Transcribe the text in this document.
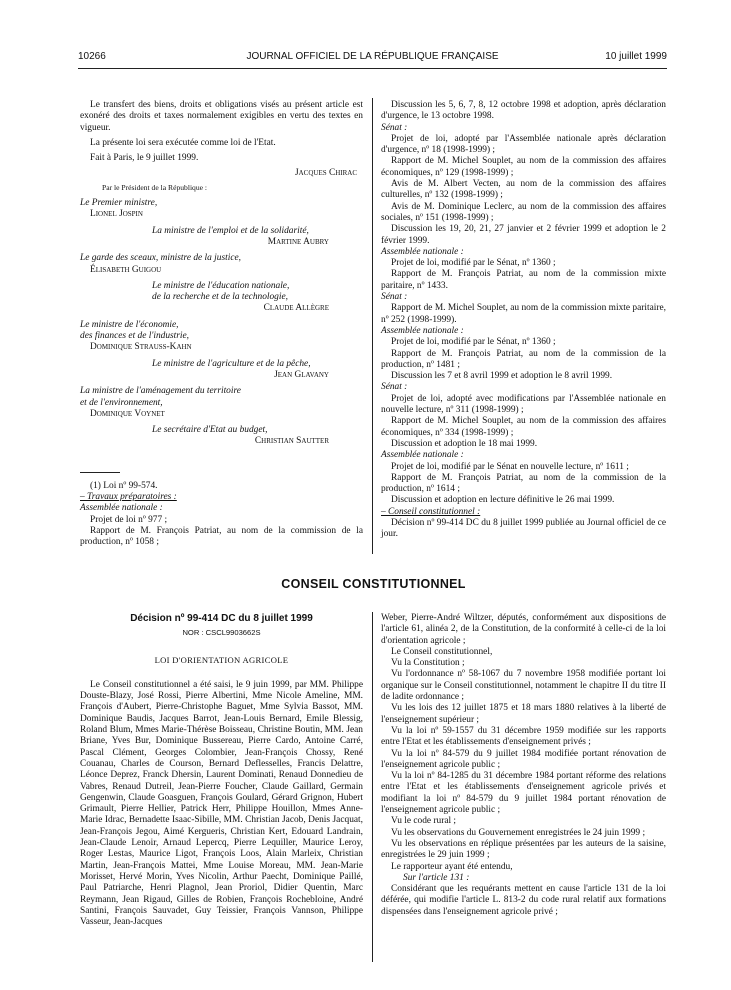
10266	JOURNAL OFFICIEL DE LA RÉPUBLIQUE FRANÇAISE	10 juillet 1999

Le transfert des biens, droits et obligations visés au présent article est exonéré des droits et taxes normalement exigibles en vertu des textes en vigueur.

La présente loi sera exécutée comme loi de l'Etat.

Fait à Paris, le 9 juillet 1999.

Jacques Chirac

Par le Président de la République :

Le Premier ministre,

Lionel Jospin

La ministre de l'emploi et de la solidarité,

Martine Aubry

Le garde des sceaux, ministre de la justice,

Élisabeth Guigou

Le ministre de l'éducation nationale,

de la recherche et de la technologie,

Claude Allègre

Le ministre de l'économie,

des finances et de l'industrie,

Dominique Strauss-Kahn

Le ministre de l'agriculture et de la pêche,

Jean Glavany

La ministre de l'aménagement du territoire

et de l'environnement,

Dominique Voynet

Le secrétaire d'Etat au budget,

Christian Sautter

(1) Loi nº 99-574.

– Travaux préparatoires :

Assemblée nationale :

Projet de loi nº 977 ;

Rapport de M. François Patriat, au nom de la commission de la production, nº 1058 ;

Discussion les 5, 6, 7, 8, 12 octobre 1998 et adoption, après déclaration d'urgence, le 13 octobre 1998.

Sénat :

Projet de loi, adopté par l'Assemblée nationale après déclaration d'urgence, nº 18 (1998-1999) ;

Rapport de M. Michel Souplet, au nom de la commission des affaires économiques, nº 129 (1998-1999) ;

Avis de M. Albert Vecten, au nom de la commission des affaires culturelles, nº 132 (1998-1999) ;

Avis de M. Dominique Leclerc, au nom de la commission des affaires sociales, nº 151 (1998-1999) ;

Discussion les 19, 20, 21, 27 janvier et 2 février 1999 et adoption le 2 février 1999.

Assemblée nationale :

Projet de loi, modifié par le Sénat, nº 1360 ;

Rapport de M. François Patriat, au nom de la commission mixte paritaire, nº 1433.

Sénat :

Rapport de M. Michel Souplet, au nom de la commission mixte paritaire, nº 252 (1998-1999).

Assemblée nationale :

Projet de loi, modifié par le Sénat, nº 1360 ;

Rapport de M. François Patriat, au nom de la commission de la production, nº 1481 ;

Discussion les 7 et 8 avril 1999 et adoption le 8 avril 1999.

Sénat :

Projet de loi, adopté avec modifications par l'Assemblée nationale en nouvelle lecture, nº 311 (1998-1999) ;

Rapport de M. Michel Souplet, au nom de la commission des affaires économiques, nº 334 (1998-1999) ;

Discussion et adoption le 18 mai 1999.

Assemblée nationale :

Projet de loi, modifié par le Sénat en nouvelle lecture, nº 1611 ;

Rapport de M. François Patriat, au nom de la commission de la production, nº 1614 ;

Discussion et adoption en lecture définitive le 26 mai 1999.

– Conseil constitutionnel :

Décision nº 99-414 DC du 8 juillet 1999 publiée au Journal officiel de ce jour.

CONSEIL CONSTITUTIONNEL
Décision nº 99-414 DC du 8 juillet 1999
NOR : CSCL9903662S
LOI D'ORIENTATION AGRICOLE

Le Conseil constitutionnel a été saisi, le 9 juin 1999, par MM. Philippe Douste-Blazy, José Rossi, Pierre Albertini, Mme Nicole Ameline, MM. François d'Aubert, Pierre-Christophe Baguet, Mme Sylvia Bassot, MM. Dominique Baudis, Jacques Barrot, Jean-Louis Bernard, Emile Blessig, Roland Blum, Mmes Marie-Thérèse Boisseau, Christine Boutin, MM. Jean Briane, Yves Bur, Dominique Bussereau, Pierre Cardo, Antoine Carré, Pascal Clément, Georges Colombier, Jean-François Chossy, René Couanau, Charles de Courson, Bernard Deflesselles, Francis Delattre, Léonce Deprez, Franck Dhersin, Laurent Dominati, Renaud Donnedieu de Vabres, Renaud Dutreil, Jean-Pierre Foucher, Claude Gaillard, Germain Gengenwin, Claude Goasguen, François Goulard, Gérard Grignon, Hubert Grimault, Pierre Hellier, Patrick Herr, Philippe Houillon, Mmes Anne-Marie Idrac, Bernadette Isaac-Sibille, MM. Christian Jacob, Denis Jacquat, Jean-François Jegou, Aimé Kergueris, Christian Kert, Edouard Landrain, Jean-Claude Lenoir, Arnaud Lepercq, Pierre Lequiller, Maurice Leroy, Roger Lestas, Maurice Ligot, François Loos, Alain Marleix, Christian Martin, Jean-François Mattei, Mme Louise Moreau, MM. Jean-Marie Morisset, Hervé Morin, Yves Nicolin, Arthur Paecht, Dominique Paillé, Paul Patriarche, Henri Plagnol, Jean Proriol, Didier Quentin, Marc Reymann, Jean Rigaud, Gilles de Robien, François Rochebloine, André Santini, François Sauvadet, Guy Teissier, François Vannson, Philippe Vasseur, Jean-Jacques

Weber, Pierre-André Wiltzer, députés, conformément aux dispositions de l'article 61, alinéa 2, de la Constitution, de la conformité à celle-ci de la loi d'orientation agricole ;

Le Conseil constitutionnel,

Vu la Constitution ;

Vu l'ordonnance nº 58-1067 du 7 novembre 1958 modifiée portant loi organique sur le Conseil constitutionnel, notamment le chapitre II du titre II de ladite ordonnance ;

Vu les lois des 12 juillet 1875 et 18 mars 1880 relatives à la liberté de l'enseignement supérieur ;

Vu la loi nº 59-1557 du 31 décembre 1959 modifiée sur les rapports entre l'Etat et les établissements d'enseignement privés ;

Vu la loi nº 84-579 du 9 juillet 1984 modifiée portant rénovation de l'enseignement agricole public ;

Vu la loi nº 84-1285 du 31 décembre 1984 portant réforme des relations entre l'Etat et les établissements d'enseignement agricole privés et modifiant la loi nº 84-579 du 9 juillet 1984 portant rénovation de l'enseignement agricole public ;

Vu le code rural ;

Vu les observations du Gouvernement enregistrées le 24 juin 1999 ;

Vu les observations en réplique présentées par les auteurs de la saisine, enregistrées le 29 juin 1999 ;

Le rapporteur ayant été entendu,

Sur l'article 131 :

Considérant que les requérants mettent en cause l'article 131 de la loi déférée, qui modifie l'article L. 813-2 du code rural relatif aux formations dispensées dans l'enseignement agricole privé ;
